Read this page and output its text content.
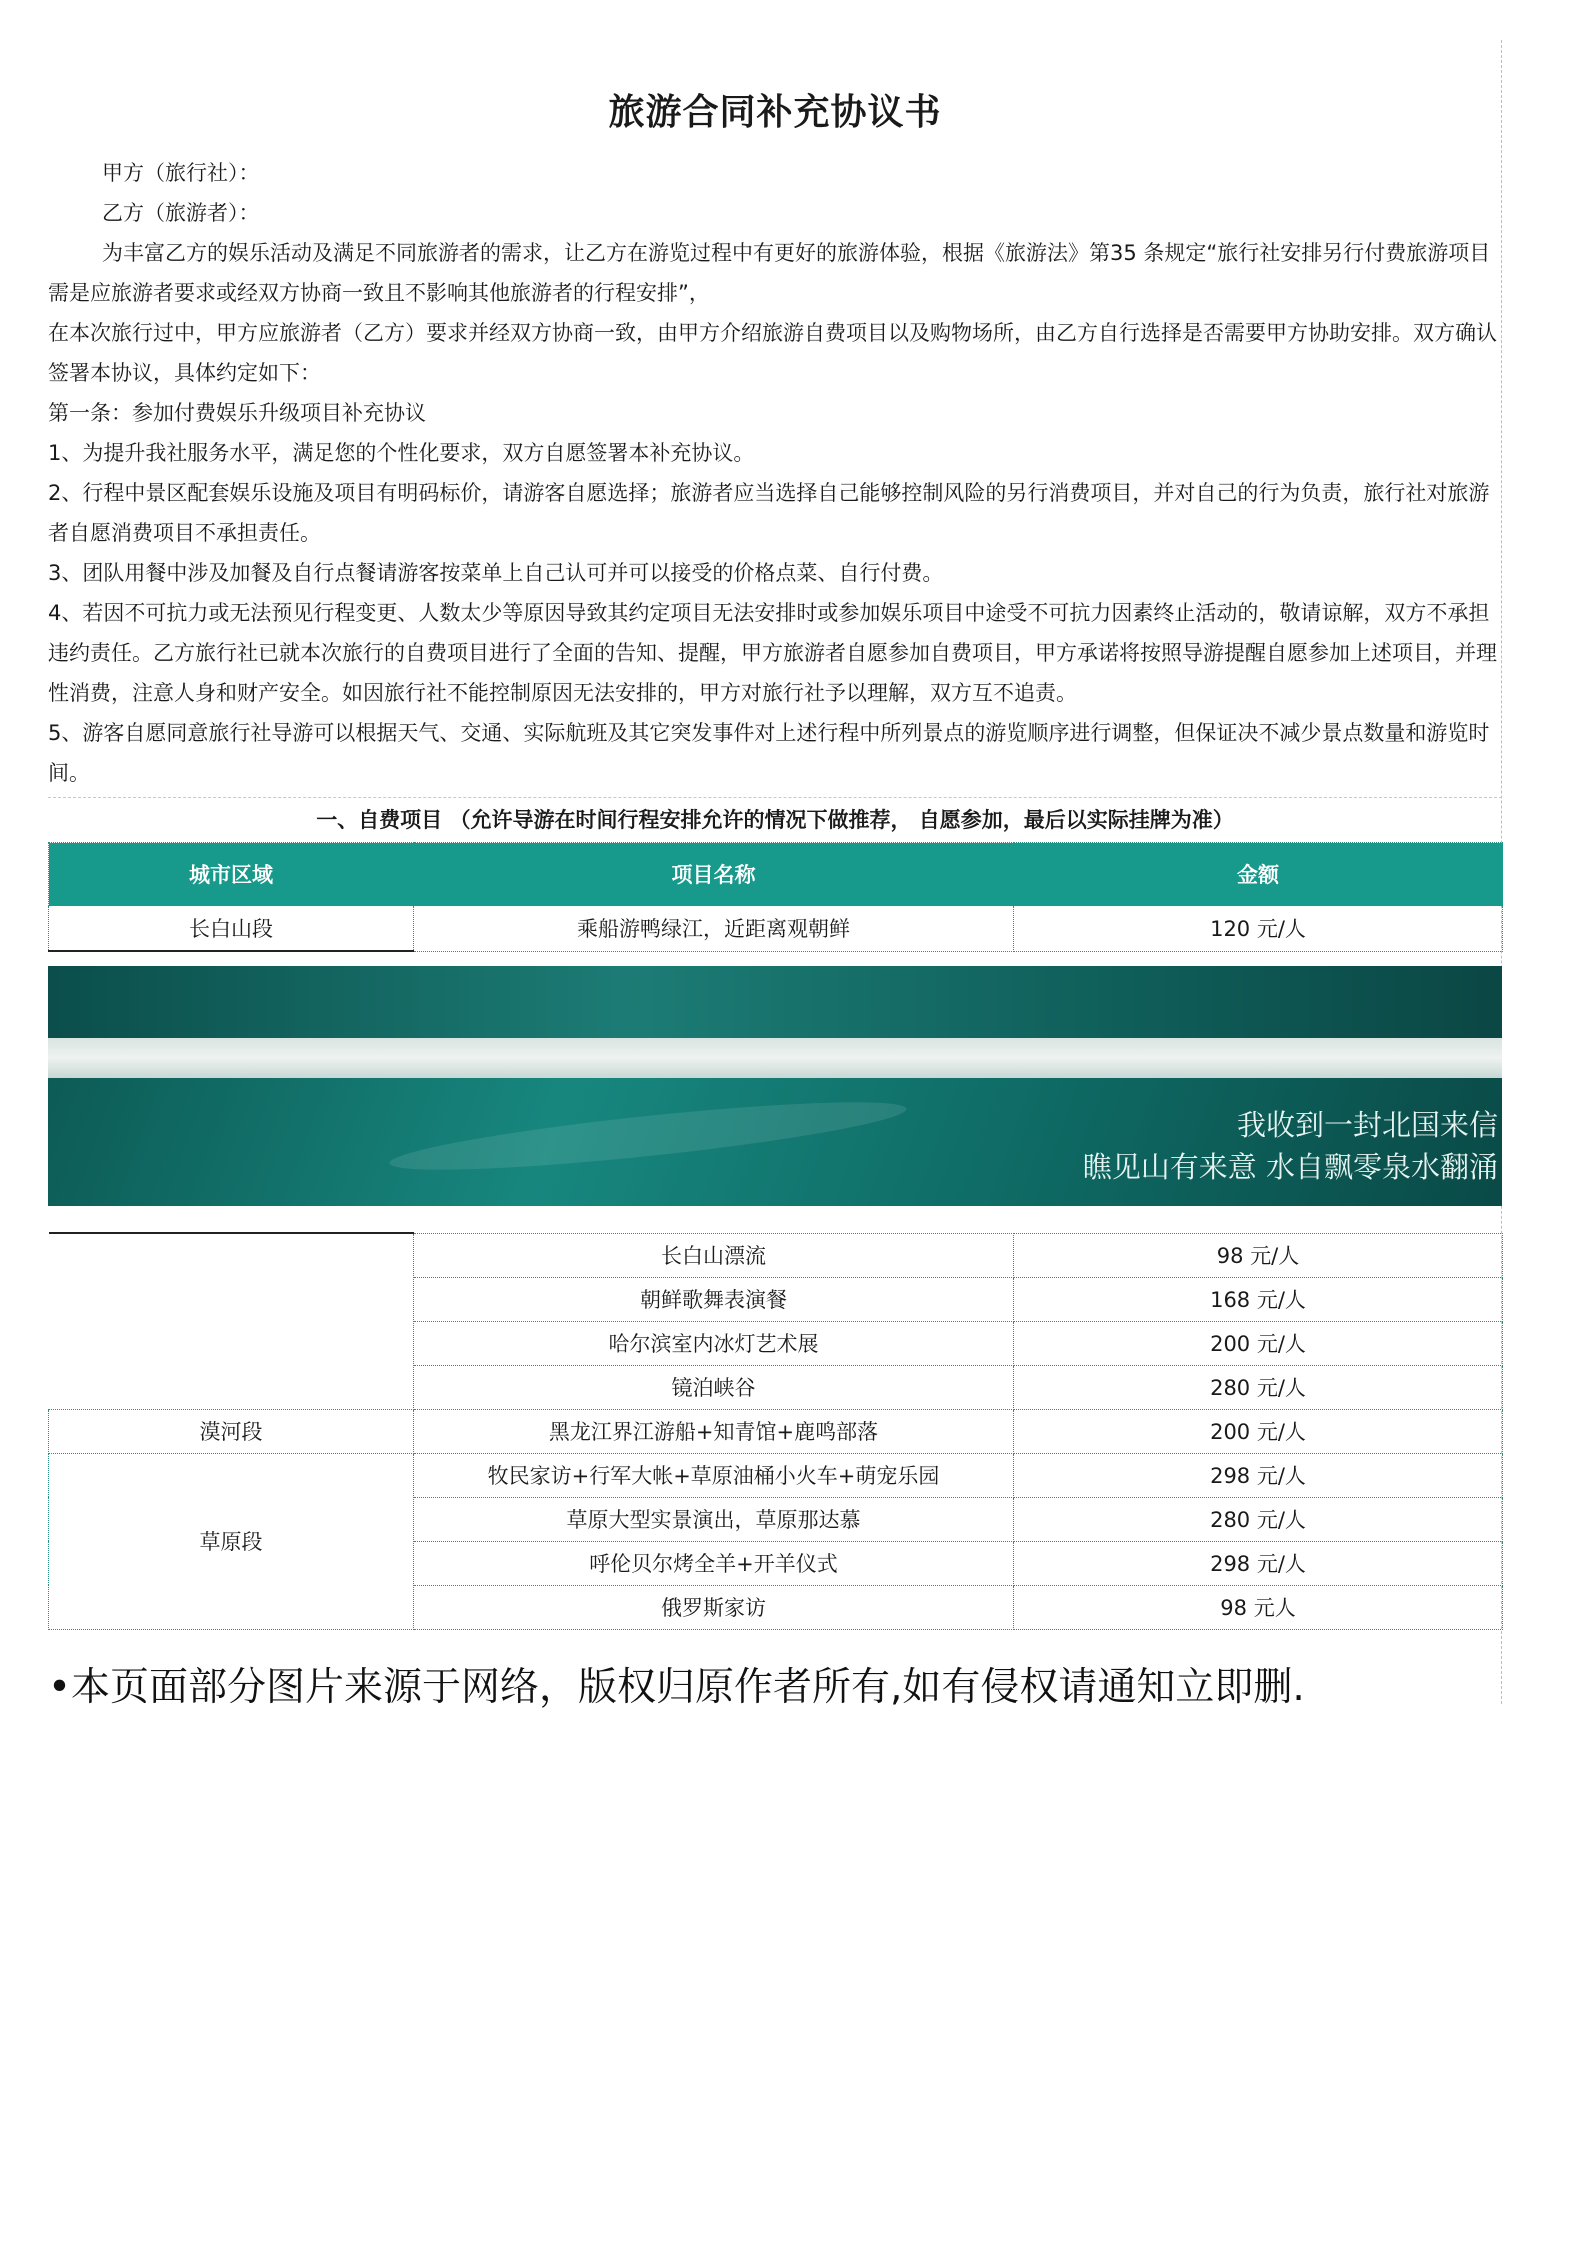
旅游合同补充协议书

甲方（旅行社）：

乙方（旅游者）：

为丰富乙方的娱乐活动及满足不同旅游者的需求，让乙方在游览过程中有更好的旅游体验，根据《旅游法》第35 条规定“旅行社安排另行付费旅游项目需是应旅游者要求或经双方协商一致且不影响其他旅游者的行程安排”，

在本次旅行过中，甲方应旅游者（乙方）要求并经双方协商一致，由甲方介绍旅游自费项目以及购物场所，由乙方自行选择是否需要甲方协助安排。双方确认签署本协议，具体约定如下：

第一条：参加付费娱乐升级项目补充协议

1、为提升我社服务水平，满足您的个性化要求，双方自愿签署本补充协议。

2、行程中景区配套娱乐设施及项目有明码标价，请游客自愿选择；旅游者应当选择自己能够控制风险的另行消费项目，并对自己的行为负责，旅行社对旅游者自愿消费项目不承担责任。

3、团队用餐中涉及加餐及自行点餐请游客按菜单上自己认可并可以接受的价格点菜、自行付费。

4、若因不可抗力或无法预见行程变更、人数太少等原因导致其约定项目无法安排时或参加娱乐项目中途受不可抗力因素终止活动的，敬请谅解，双方不承担违约责任。乙方旅行社已就本次旅行的自费项目进行了全面的告知、提醒，甲方旅游者自愿参加自费项目，甲方承诺将按照导游提醒自愿参加上述项目，并理性消费，注意人身和财产安全。如因旅行社不能控制原因无法安排的，甲方对旅行社予以理解，双方互不追责。

5、游客自愿同意旅行社导游可以根据天气、交通、实际航班及其它突发事件对上述行程中所列景点的游览顺序进行调整，但保证决不减少景点数量和游览时间。

一、自费项目 （允许导游在时间行程安排允许的情况下做推荐， 自愿参加，最后以实际挂牌为准）
城市区域	项目名称	金额
长白山段	乘船游鸭绿江，近距离观朝鲜	120 元/人
我收到一封北国来信
瞧见山有来意 水自飘零泉水翻涌
	长白山漂流	98 元/人
	朝鲜歌舞表演餐	168 元/人
	哈尔滨室内冰灯艺术展	200 元/人
	镜泊峡谷	280 元/人
漠河段	黑龙江界江游船+知青馆+鹿鸣部落	200 元/人
草原段	牧民家访+行军大帐+草原油桶小火车+萌宠乐园	298 元/人
	草原大型实景演出，草原那达慕	280 元/人
	呼伦贝尔烤全羊+开羊仪式	298 元/人
	俄罗斯家访	98 元人
•本页面部分图片来源于网络，版权归原作者所有,如有侵权请通知立即删.
